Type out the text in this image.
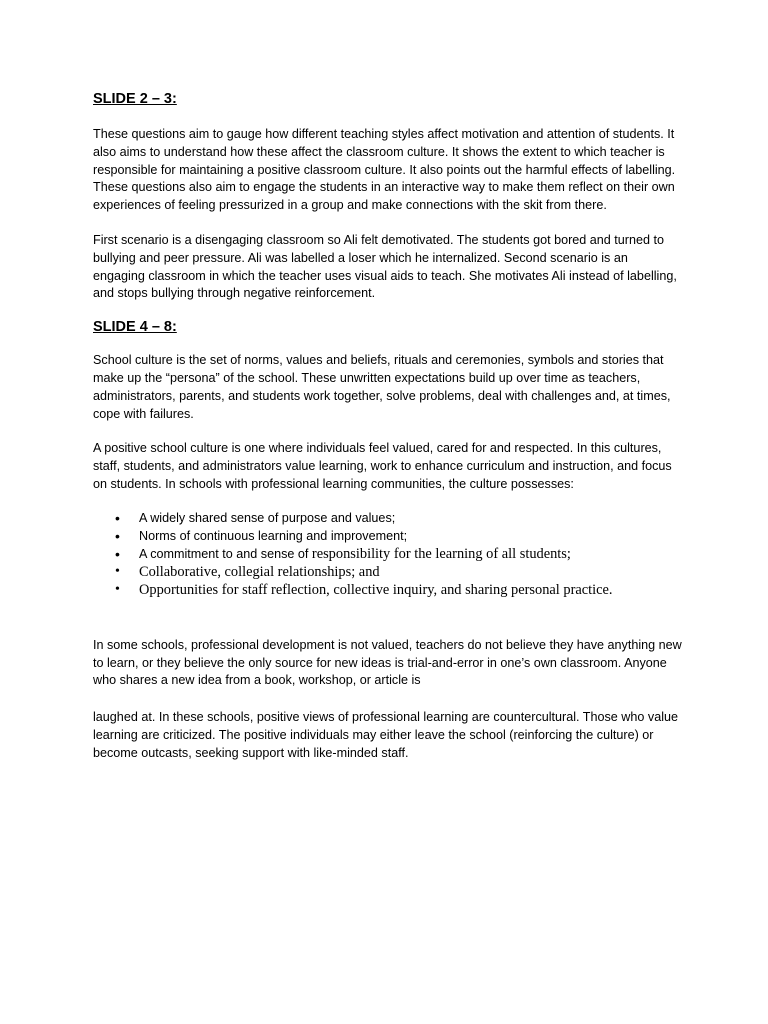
SLIDE 2 – 3:

These questions aim to gauge how different teaching styles affect motivation and attention of students. It also aims to understand how these affect the classroom culture. It shows the extent to which teacher is responsible for maintaining a positive classroom culture. It also points out the harmful effects of labelling. These questions also aim to engage the students in an interactive way to make them reflect on their own experiences of feeling pressurized in a group and make connections with the skit from there.

First scenario is a disengaging classroom so Ali felt demotivated. The students got bored and turned to bullying and peer pressure. Ali was labelled a loser which he internalized. Second scenario is an engaging classroom in which the teacher uses visual aids to teach. She motivates Ali instead of labelling, and stops bullying through negative reinforcement.

SLIDE 4 – 8:

School culture is the set of norms, values and beliefs, rituals and ceremonies, symbols and stories that make up the “persona” of the school. These unwritten expectations build up over time as teachers, administrators, parents, and students work together, solve problems, deal with challenges and, at times, cope with failures.

A positive school culture is one where individuals feel valued, cared for and respected. In this cultures, staff, students, and administrators value learning, work to enhance curriculum and instruction, and focus on students. In schools with professional learning communities, the culture possesses:

• A widely shared sense of purpose and values;
• Norms of continuous learning and improvement;
• A commitment to and sense of responsibility for the learning of all students;
• Collaborative, collegial relationships; and
• Opportunities for staff reflection, collective inquiry, and sharing personal practice.

In some schools, professional development is not valued, teachers do not believe they have anything new to learn, or they believe the only source for new ideas is trial-and-error in one’s own classroom. Anyone who shares a new idea from a book, workshop, or article is

laughed at. In these schools, positive views of professional learning are countercultural. Those who value learning are criticized. The positive individuals may either leave the school (reinforcing the culture) or become outcasts, seeking support with like-minded staff.
